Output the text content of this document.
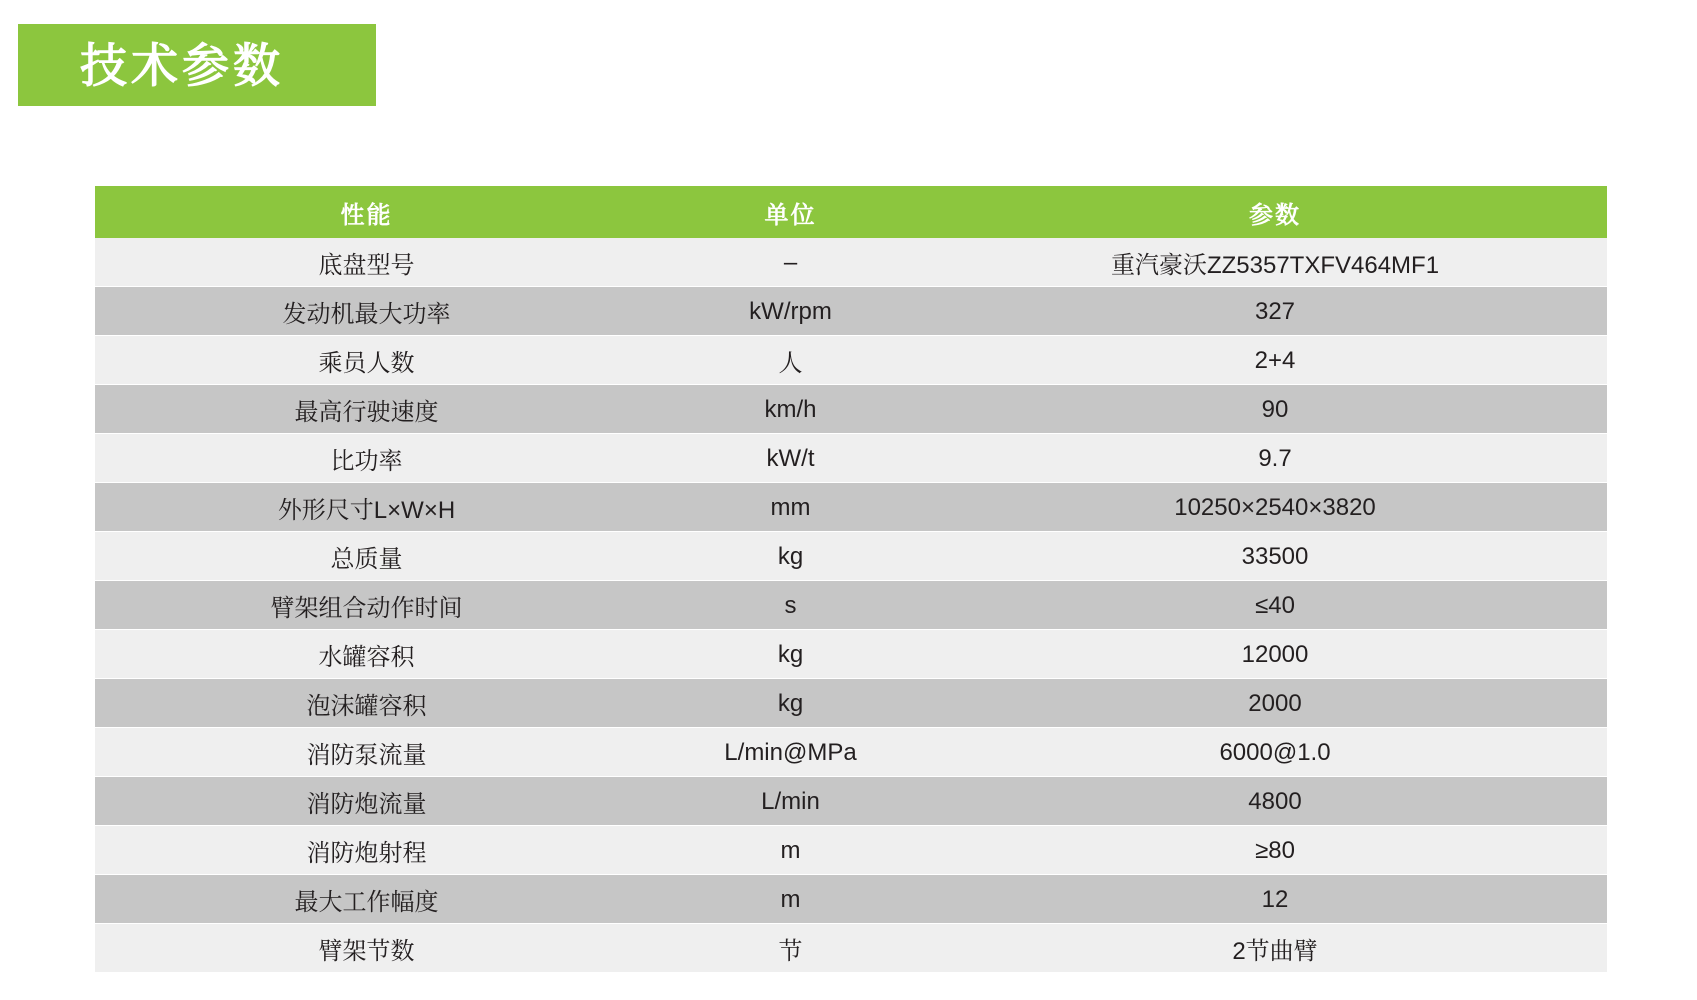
技术参数
性能	单位	参数
底盘型号	–	重汽豪沃ZZ5357TXFV464MF1
发动机最大功率	kW/rpm	327
乘员人数	人	2+4
最高行驶速度	km/h	90
比功率	kW/t	9.7
外形尺寸L×W×H	mm	10250×2540×3820
总质量	kg	33500
臂架组合动作时间	s	≤40
水罐容积	kg	12000
泡沫罐容积	kg	2000
消防泵流量	L/min@MPa	6000@1.0
消防炮流量	L/min	4800
消防炮射程	m	≥80
最大工作幅度	m	12
臂架节数	节	2节曲臂
